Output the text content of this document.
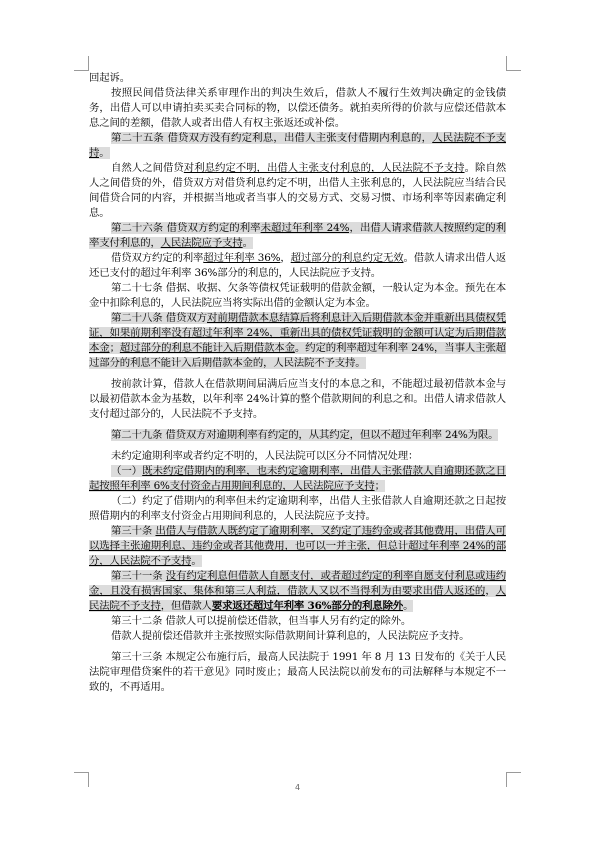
回起诉。

按照民间借贷法律关系审理作出的判决生效后，借款人不履行生效判决确定的金钱债务，出借人可以申请拍卖买卖合同标的物，以偿还债务。就拍卖所得的价款与应偿还借款本息之间的差额，借款人或者出借人有权主张返还或补偿。

第二十五条 借贷双方没有约定利息，出借人主张支付借期内利息的，人民法院不予支持。

自然人之间借贷对利息约定不明，出借人主张支付利息的，人民法院不予支持。除自然人之间借贷的外，借贷双方对借贷利息约定不明，出借人主张利息的，人民法院应当结合民间借贷合同的内容，并根据当地或者当事人的交易方式、交易习惯、市场利率等因素确定利息。

第二十六条 借贷双方约定的利率未超过年利率 24%，出借人请求借款人按照约定的利率支付利息的，人民法院应予支持。

借贷双方约定的利率超过年利率 36%，超过部分的利息约定无效。借款人请求出借人返还已支付的超过年利率 36%部分的利息的，人民法院应予支持。

第二十七条 借据、收据、欠条等债权凭证载明的借款金额，一般认定为本金。预先在本金中扣除利息的，人民法院应当将实际出借的金额认定为本金。

第二十八条 借贷双方对前期借款本息结算后将利息计入后期借款本金并重新出具债权凭证，如果前期利率没有超过年利率 24%，重新出具的债权凭证载明的金额可认定为后期借款本金；超过部分的利息不能计入后期借款本金。约定的利率超过年利率 24%，当事人主张超过部分的利息不能计入后期借款本金的，人民法院不予支持。

按前款计算，借款人在借款期间届满后应当支付的本息之和，不能超过最初借款本金与以最初借款本金为基数，以年利率 24%计算的整个借款期间的利息之和。出借人请求借款人支付超过部分的，人民法院不予支持。

第二十九条 借贷双方对逾期利率有约定的，从其约定，但以不超过年利率 24%为限。

未约定逾期利率或者约定不明的，人民法院可以区分不同情况处理：

（一）既未约定借期内的利率，也未约定逾期利率，出借人主张借款人自逾期还款之日起按照年利率 6%支付资金占用期间利息的，人民法院应予支持；

（二）约定了借期内的利率但未约定逾期利率，出借人主张借款人自逾期还款之日起按照借期内的利率支付资金占用期间利息的，人民法院应予支持。

第三十条 出借人与借款人既约定了逾期利率，又约定了违约金或者其他费用，出借人可以选择主张逾期利息、违约金或者其他费用，也可以一并主张，但总计超过年利率 24%的部分，人民法院不予支持。

第三十一条 没有约定利息但借款人自愿支付，或者超过约定的利率自愿支付利息或违约金，且没有损害国家、集体和第三人利益，借款人又以不当得利为由要求出借人返还的，人民法院不予支持，但借款人要求返还超过年利率 36%部分的利息除外。

第三十二条 借款人可以提前偿还借款，但当事人另有约定的除外。

借款人提前偿还借款并主张按照实际借款期间计算利息的，人民法院应予支持。

第三十三条 本规定公布施行后，最高人民法院于 1991 年 8 月 13 日发布的《关于人民法院审理借贷案件的若干意见》同时废止；最高人民法院以前发布的司法解释与本规定不一致的，不再适用。

4
